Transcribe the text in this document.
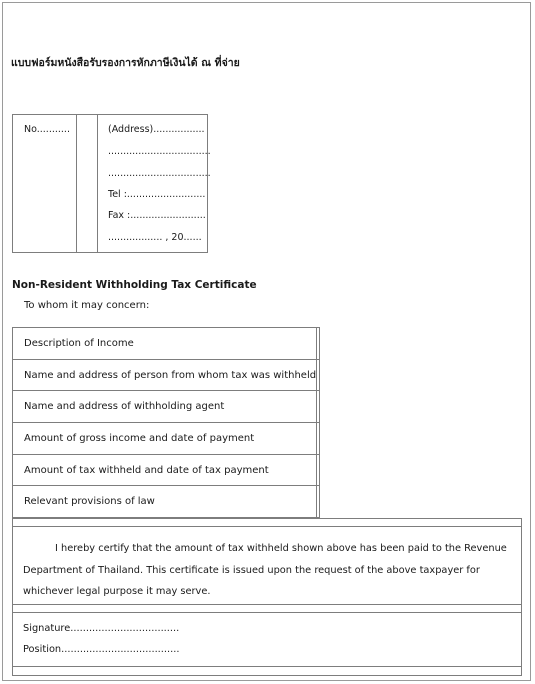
แบบฟอร์มหนังสือรับรองการหักภาษีเงินได้ ณ ที่จ่าย
No...........	(Address).................
..................................
..................................
Tel :..........................
Fax :.........................
.................. , 20......
Non-Resident Withholding Tax Certificate
To whom it may concern:
Description of Income	
Name and address of person from whom tax was withheld	
Name and address of withholding agent	
Amount of gross income and date of payment	
Amount of tax withheld and date of tax payment	
Relevant provisions of law	
I hereby certify that the amount of tax withheld shown above has been paid to the Revenue Department of Thailand. This certificate is issued upon the request of the above taxpayer for whichever legal purpose it may serve.
Signature...................................
Position......................................
